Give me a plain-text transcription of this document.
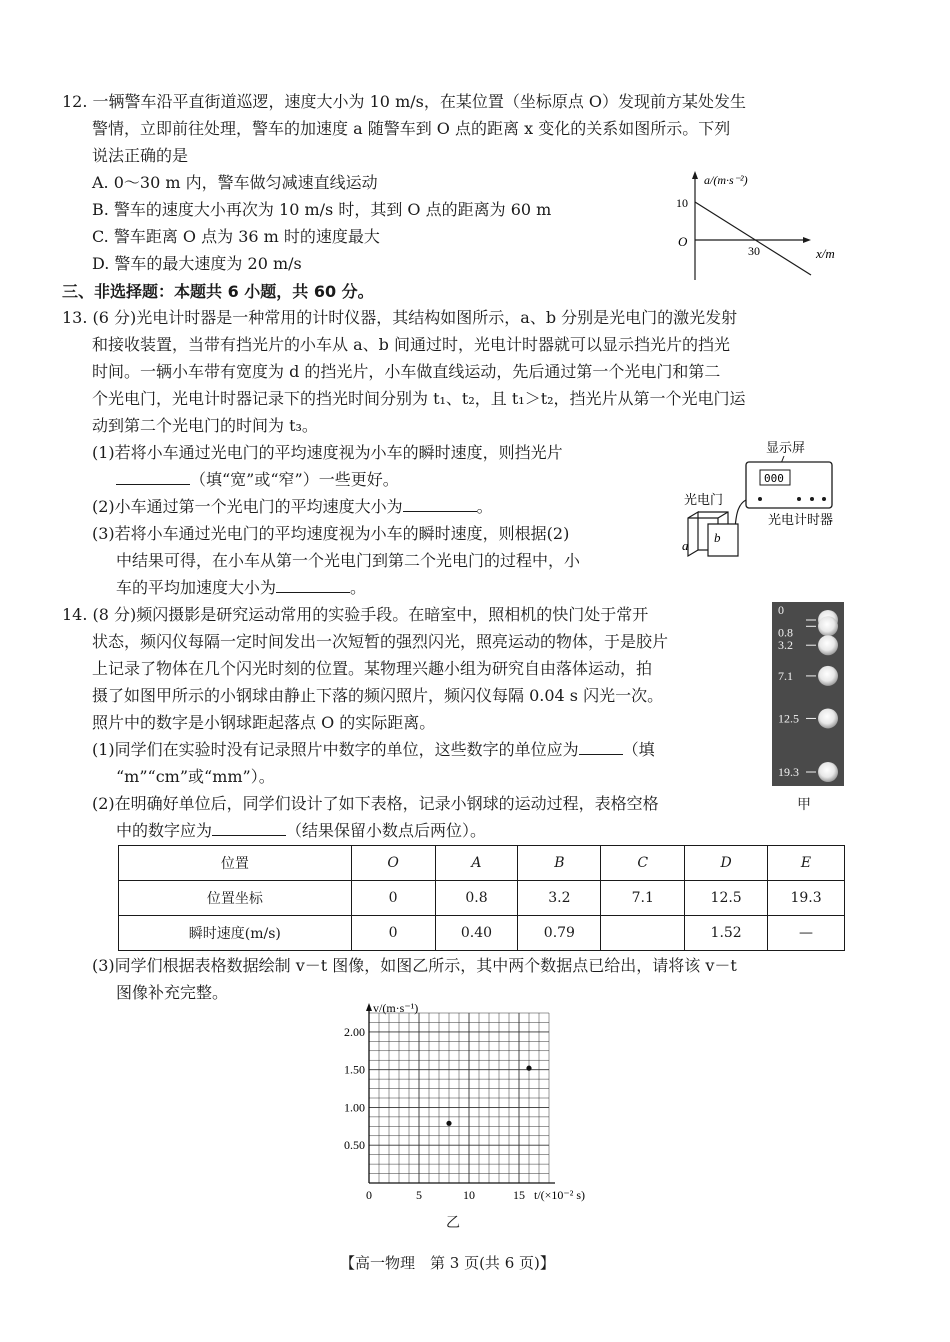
12. 一辆警车沿平直街道巡逻，速度大小为 10 m/s，在某位置（坐标原点 O）发现前方某处发生
警情，立即前往处理，警车的加速度 a 随警车到 O 点的距离 x 变化的关系如图所示。下列
说法正确的是
A. 0～30 m 内，警车做匀减速直线运动
B. 警车的速度大小再次为 10 m/s 时，其到 O 点的距离为 60 m
C. 警车距离 O 点为 36 m 时的速度最大
D. 警车的最大速度为 20 m/s
a/(m·s⁻²)
x/m
O
10
30
三、非选择题：本题共 6 小题，共 60 分。
13. (6 分)光电计时器是一种常用的计时仪器，其结构如图所示，a、b 分别是光电门的激光发射
和接收装置，当带有挡光片的小车从 a、b 间通过时，光电计时器就可以显示挡光片的挡光
时间。一辆小车带有宽度为 d 的挡光片，小车做直线运动，先后通过第一个光电门和第二
个光电门，光电计时器记录下的挡光时间分别为 t₁、t₂，且 t₁＞t₂，挡光片从第一个光电门运
动到第二个光电门的时间为 t₃。
(1)若将小车通过光电门的平均速度视为小车的瞬时速度，则挡光片
（填“宽”或“窄”）一些更好。
(2)小车通过第一个光电门的平均速度大小为	。
(3)若将小车通过光电门的平均速度视为小车的瞬时速度，则根据(2)
中结果可得，在小车从第一个光电门到第二个光电门的过程中，小
车的平均加速度大小为	。
显示屏
000
光电门
光电计时器
a
b
14. (8 分)频闪摄影是研究运动常用的实验手段。在暗室中，照相机的快门处于常开
状态，频闪仪每隔一定时间发出一次短暂的强烈闪光，照亮运动的物体，于是胶片
上记录了物体在几个闪光时刻的位置。某物理兴趣小组为研究自由落体运动，拍
摄了如图甲所示的小钢球由静止下落的频闪照片，频闪仪每隔 0.04 s 闪光一次。
照片中的数字是小钢球距起落点 O 的实际距离。
(1)同学们在实验时没有记录照片中数字的单位，这些数字的单位应为	（填
“m”“cm”或“mm”）。
(2)在明确好单位后，同学们设计了如下表格，记录小钢球的运动过程，表格空格
中的数字应为	（结果保留小数点后两位）。
0
0.8
3.2
7.1
12.5
19.3
甲
位置	O	A	B	C	D	E
位置坐标	0	0.8	3.2	7.1	12.5	19.3
瞬时速度(m/s)	0	0.40	0.79		1.52	—
(3)同学们根据表格数据绘制 v－t 图像，如图乙所示，其中两个数据点已给出，请将该 v－t
图像补充完整。
0.50
1.00
1.50
2.00
0	5	10	15
v/(m·s⁻¹)
t/(×10⁻² s)
乙
【高一物理　第 3 页(共 6 页)】
